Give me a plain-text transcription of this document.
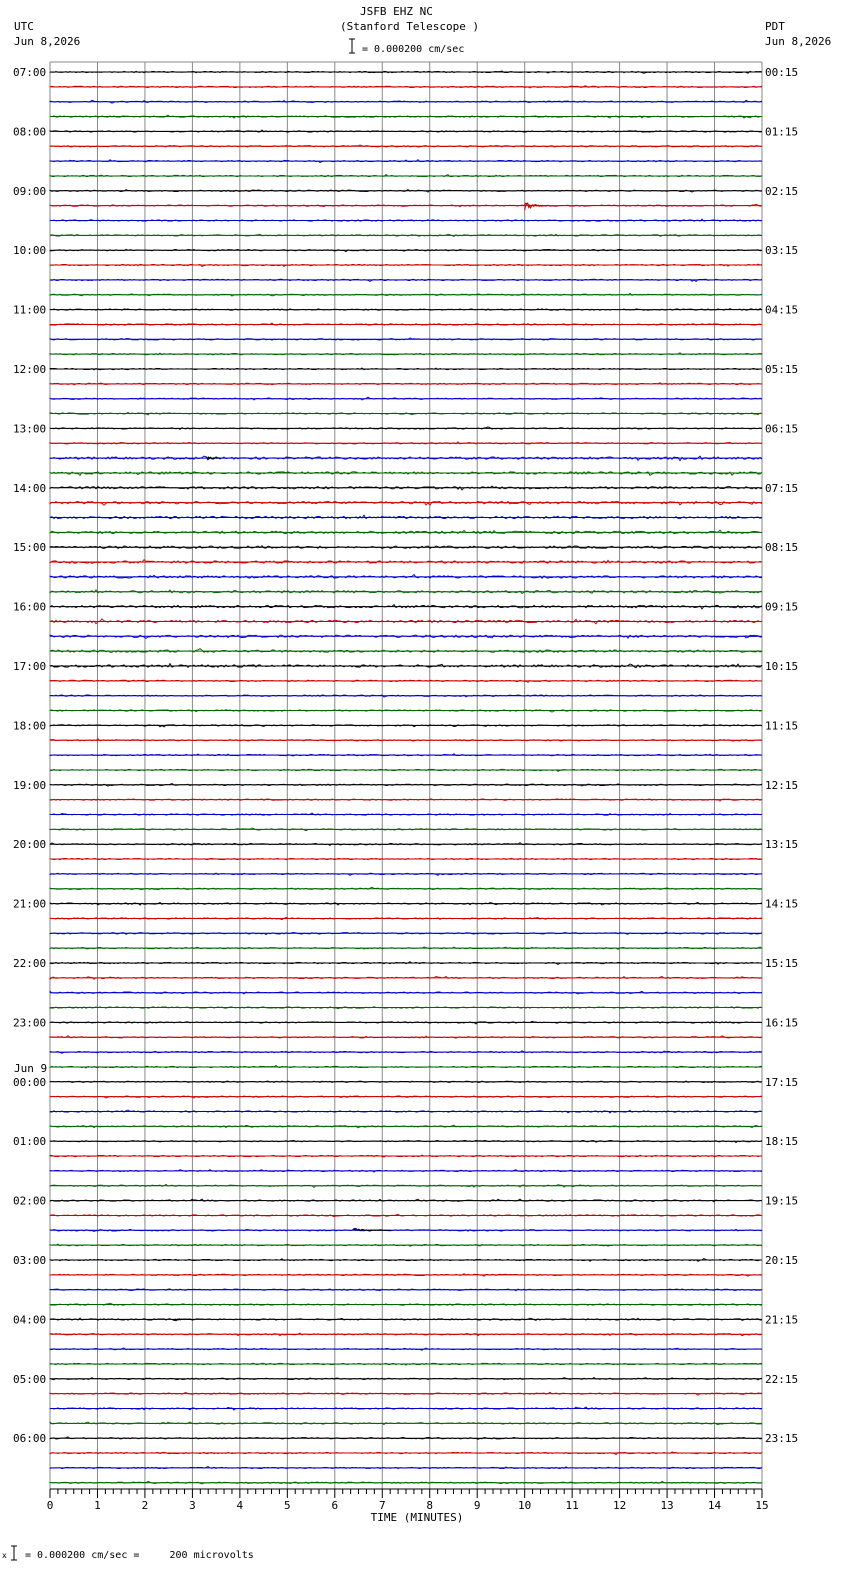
0	1	2	3	4	5	6	7	8	9	10	11	12	13	14	15
07:00
08:00
09:00
10:00
11:00
12:00
13:00
14:00
15:00
16:00
17:00
18:00
19:00
20:00
21:00
22:00
23:00
00:00
01:00
02:00
03:00
04:00
05:00
06:00
00:15
01:15
02:15
03:15
04:15
05:15
06:15
07:15
08:15
09:15
10:15
11:15
12:15
13:15
14:15
15:15
16:15
17:15
18:15
19:15
20:15
21:15
22:15
23:15
TIME (MINUTES)
JSFB EHZ NC
(Stanford Telescope )
= 0.000200 cm/sec
UTC
Jun 8,2026
PDT
Jun 8,2026
Jun 9
x = 0.000200 cm/sec =     200 microvolts
